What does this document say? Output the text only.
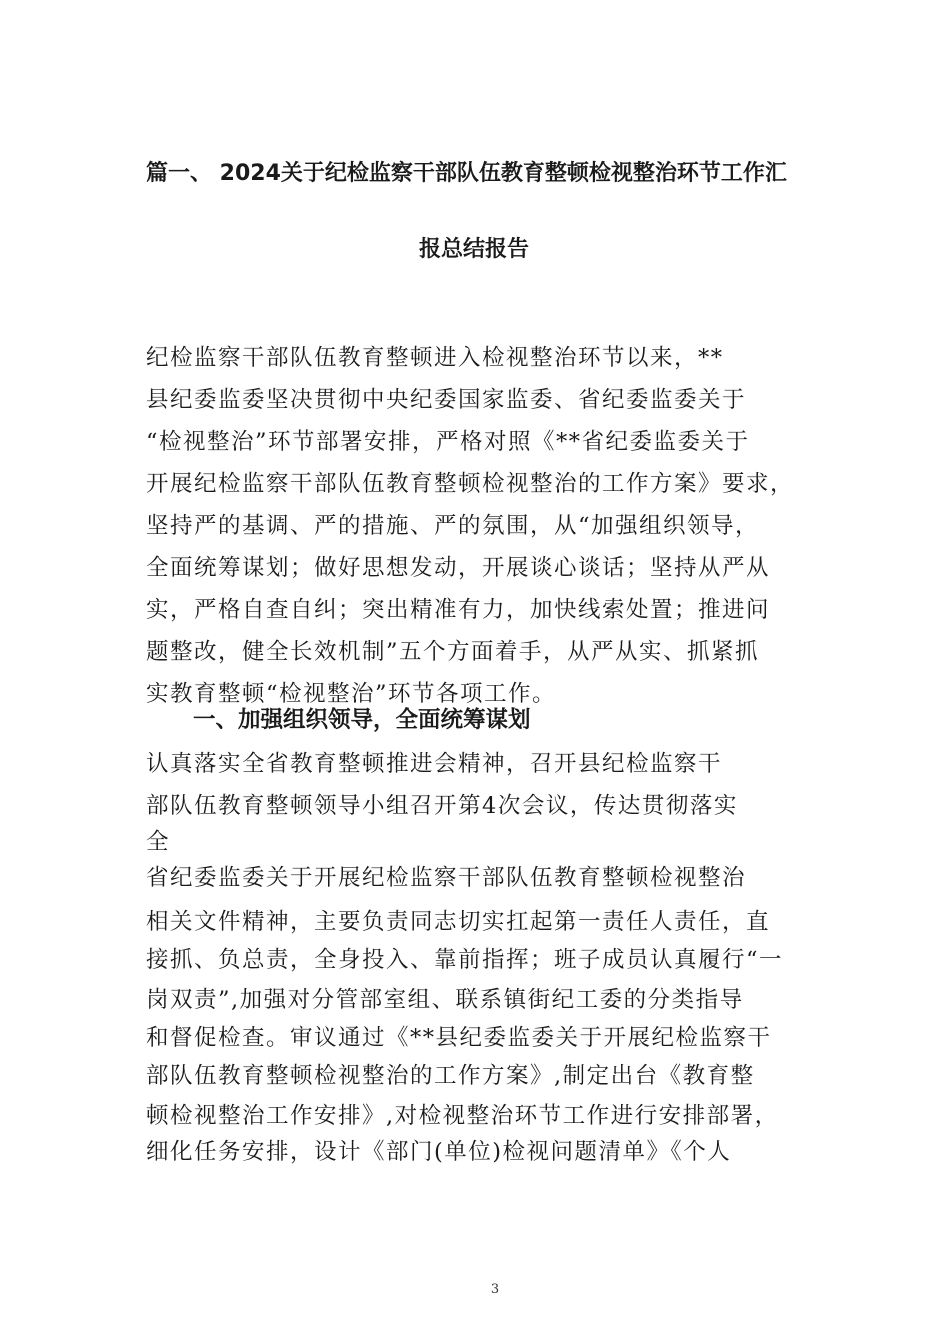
篇一、 2024关于纪检监察干部队伍教育整顿检视整治环节工作汇
报总结报告
纪检监察干部队伍教育整顿进入检视整治环节以来，**
县纪委监委坚决贯彻中央纪委国家监委、省纪委监委关于
“检视整治”环节部署安排，严格对照《**省纪委监委关于
开展纪检监察干部队伍教育整顿检视整治的工作方案》要求，
坚持严的基调、严的措施、严的氛围，从“加强组织领导，
全面统筹谋划；做好思想发动，开展谈心谈话；坚持从严从
实，严格自查自纠；突出精准有力，加快线索处置；推进问
题整改，健全长效机制”五个方面着手，从严从实、抓紧抓
实教育整顿“检视整治”环节各项工作。
一、加强组织领导，全面统筹谋划
认真落实全省教育整顿推进会精神，召开县纪检监察干
部队伍教育整顿领导小组召开第4次会议，传达贯彻落实
全
省纪委监委关于开展纪检监察干部队伍教育整顿检视整治
相关文件精神，主要负责同志切实扛起第一责任人责任，直
接抓、负总责，全身投入、靠前指挥；班子成员认真履行“一
岗双责”,加强对分管部室组、联系镇街纪工委的分类指导
和督促检查。审议通过《**县纪委监委关于开展纪检监察干
部队伍教育整顿检视整治的工作方案》,制定出台《教育整
顿检视整治工作安排》,对检视整治环节工作进行安排部署，
细化任务安排，设计《部门(单位)检视问题清单》《个人
3
